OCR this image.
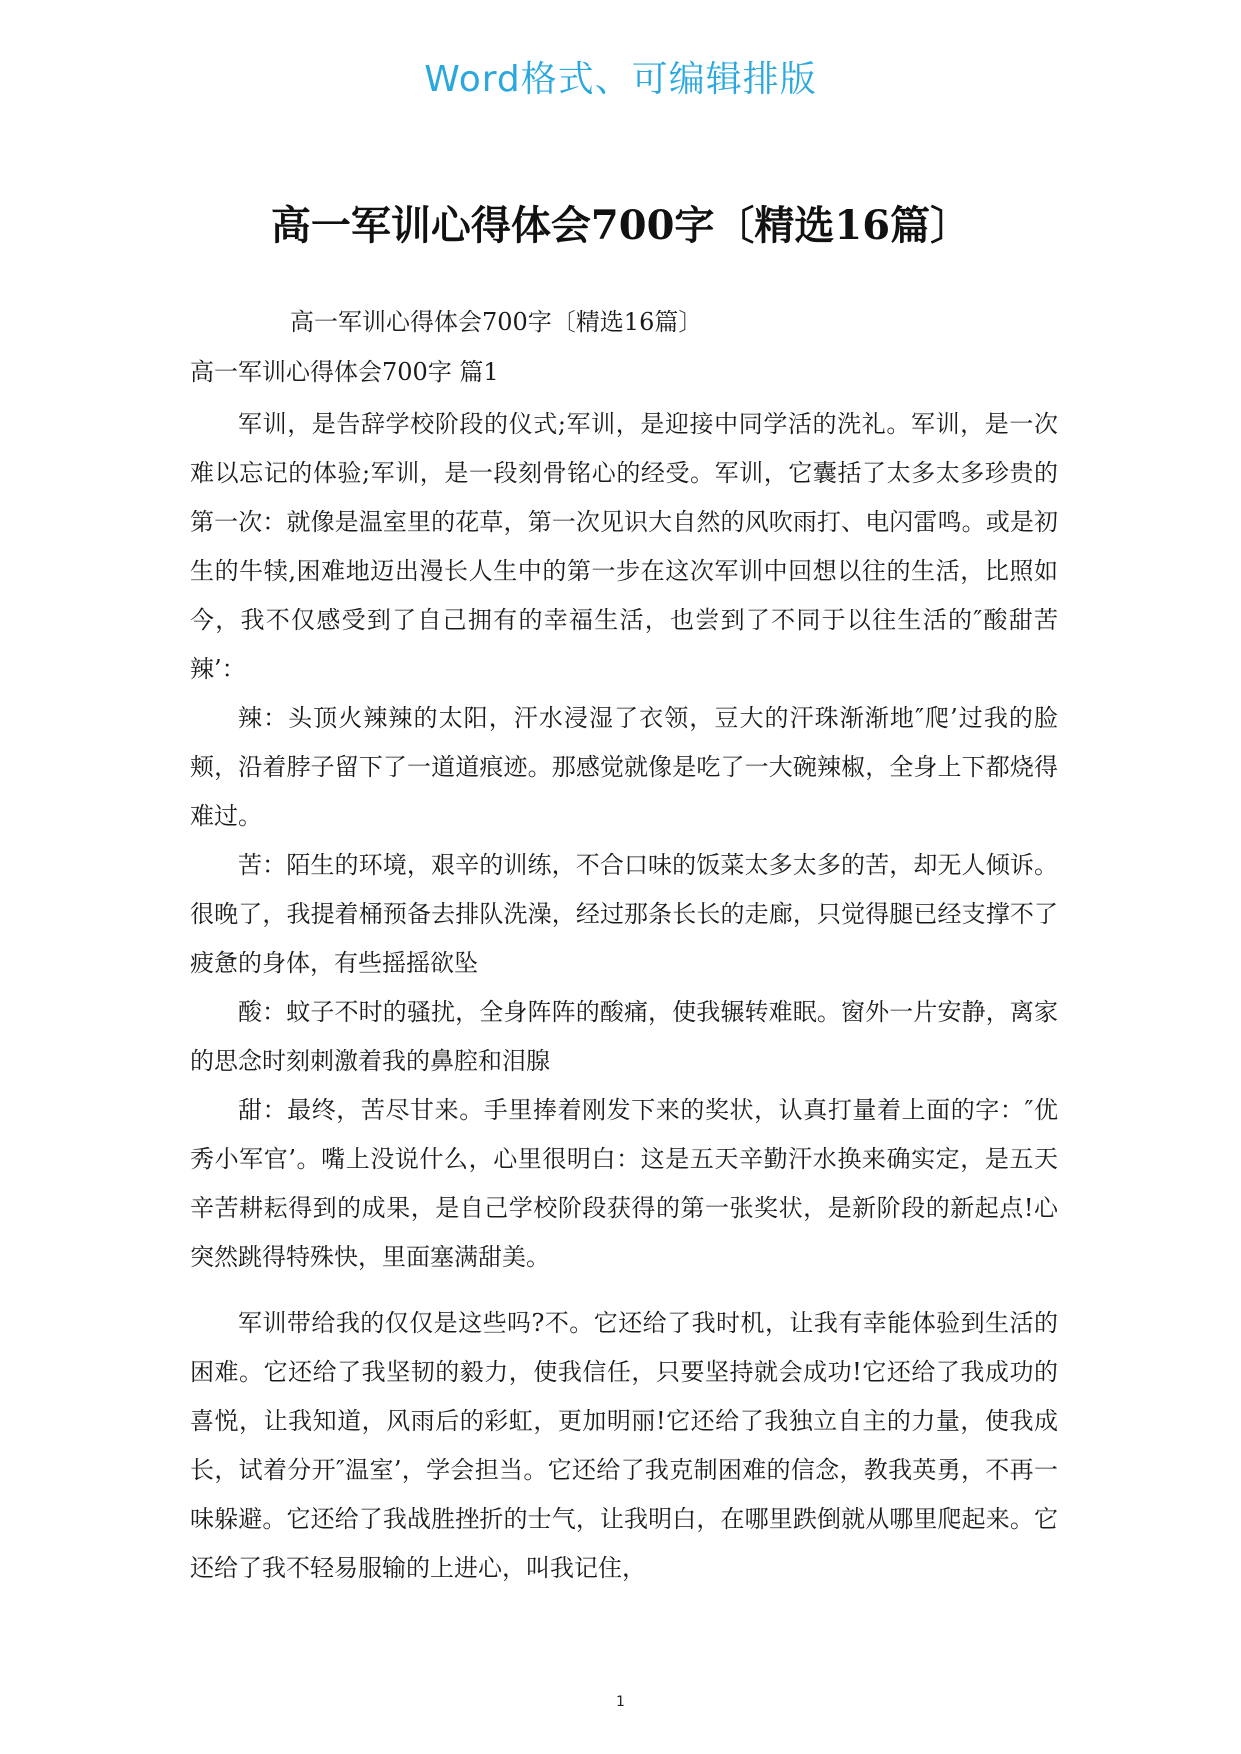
Word格式、可编辑排版
高一军训心得体会700字〔精选16篇〕

高一军训心得体会700字〔精选16篇〕

高一军训心得体会700字 篇1

军训，是告辞学校阶段的仪式;军训，是迎接中同学活的洗礼。军训，是一次难以忘记的体验;军训，是一段刻骨铭心的经受。军训，它囊括了太多太多珍贵的第一次：就像是温室里的花草，第一次见识大自然的风吹雨打、电闪雷鸣。或是初生的牛犊,困难地迈出漫长人生中的第一步在这次军训中回想以往的生活，比照如今，我不仅感受到了自己拥有的幸福生活，也尝到了不同于以往生活的″酸甜苦辣’：

辣：头顶火辣辣的太阳，汗水浸湿了衣领，豆大的汗珠渐渐地″爬’过我的脸颊，沿着脖子留下了一道道痕迹。那感觉就像是吃了一大碗辣椒，全身上下都烧得难过。

苦：陌生的环境，艰辛的训练，不合口味的饭菜太多太多的苦，却无人倾诉。很晚了，我提着桶预备去排队洗澡，经过那条长长的走廊，只觉得腿已经支撑不了疲惫的身体，有些摇摇欲坠

酸：蚊子不时的骚扰，全身阵阵的酸痛，使我辗转难眠。窗外一片安静，离家的思念时刻刺激着我的鼻腔和泪腺

甜：最终，苦尽甘来。手里捧着刚发下来的奖状，认真打量着上面的字：″优秀小军官’。嘴上没说什么，心里很明白：这是五天辛勤汗水换来确实定，是五天辛苦耕耘得到的成果，是自己学校阶段获得的第一张奖状，是新阶段的新起点!心突然跳得特殊快，里面塞满甜美。

军训带给我的仅仅是这些吗?不。它还给了我时机，让我有幸能体验到生活的困难。它还给了我坚韧的毅力，使我信任，只要坚持就会成功!它还给了我成功的喜悦，让我知道，风雨后的彩虹，更加明丽!它还给了我独立自主的力量，使我成长，试着分开″温室’，学会担当。它还给了我克制困难的信念，教我英勇，不再一味躲避。它还给了我战胜挫折的士气，让我明白，在哪里跌倒就从哪里爬起来。它还给了我不轻易服输的上进心，叫我记住，

1
